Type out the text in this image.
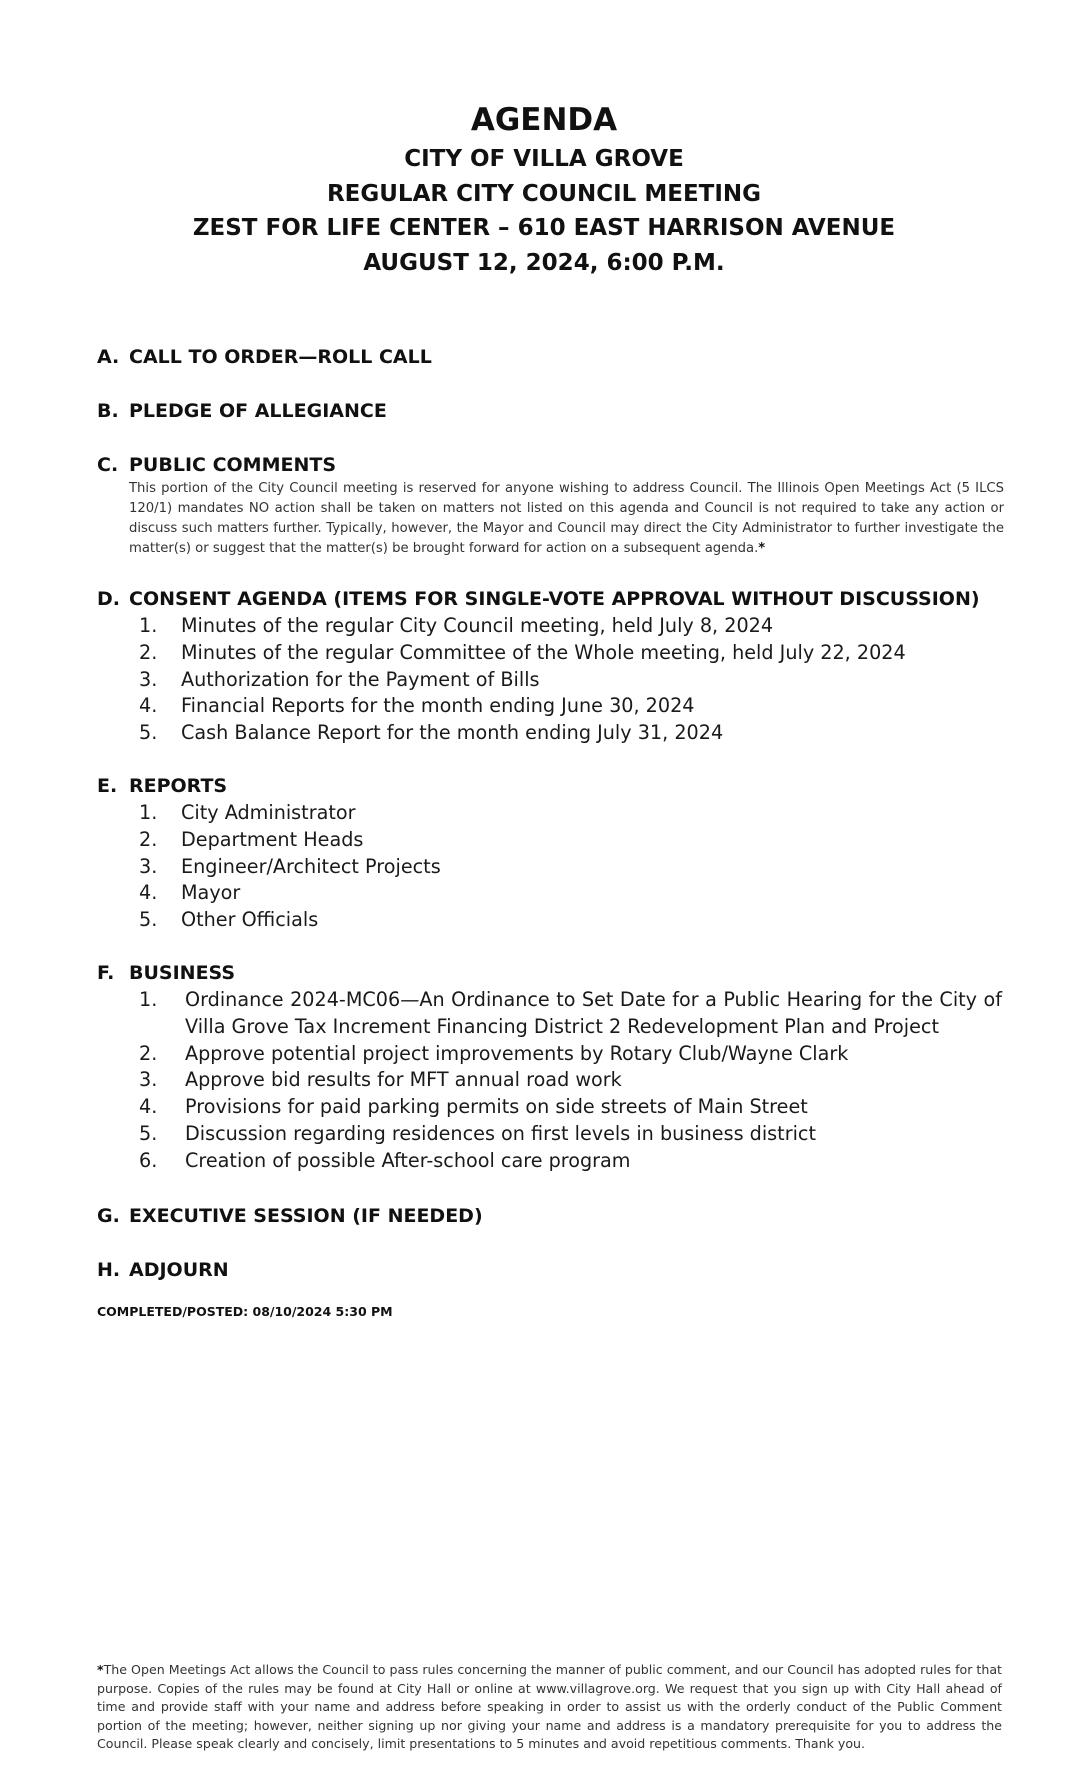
AGENDA
CITY OF VILLA GROVE
REGULAR CITY COUNCIL MEETING
ZEST FOR LIFE CENTER – 610 EAST HARRISON AVENUE
AUGUST 12, 2024, 6:00 P.M.
A. CALL TO ORDER—ROLL CALL
B. PLEDGE OF ALLEGIANCE
C. PUBLIC COMMENTS
This portion of the City Council meeting is reserved for anyone wishing to address Council. The Illinois Open Meetings Act (5 ILCS 120/1) mandates NO action shall be taken on matters not listed on this agenda and Council is not required to take any action or discuss such matters further. Typically, however, the Mayor and Council may direct the City Administrator to further investigate the matter(s) or suggest that the matter(s) be brought forward for action on a subsequent agenda.*
D. CONSENT AGENDA (ITEMS FOR SINGLE-VOTE APPROVAL WITHOUT DISCUSSION)
1.	Minutes of the regular City Council meeting, held July 8, 2024
2.	Minutes of the regular Committee of the Whole meeting, held July 22, 2024
3.	Authorization for the Payment of Bills
4.	Financial Reports for the month ending June 30, 2024
5.	Cash Balance Report for the month ending July 31, 2024
E. REPORTS
1.	City Administrator
2.	Department Heads
3.	Engineer/Architect Projects
4.	Mayor
5.	Other Officials
F. BUSINESS
1.	Ordinance 2024-MC06—An Ordinance to Set Date for a Public Hearing for the City of Villa Grove Tax Increment Financing District 2 Redevelopment Plan and Project
2.	Approve potential project improvements by Rotary Club/Wayne Clark
3.	Approve bid results for MFT annual road work
4.	Provisions for paid parking permits on side streets of Main Street
5.	Discussion regarding residences on first levels in business district
6.	Creation of possible After-school care program
G. EXECUTIVE SESSION (IF NEEDED)
H. ADJOURN
COMPLETED/POSTED: 08/10/2024 5:30 PM
*The Open Meetings Act allows the Council to pass rules concerning the manner of public comment, and our Council has adopted rules for that purpose. Copies of the rules may be found at City Hall or online at www.villagrove.org. We request that you sign up with City Hall ahead of time and provide staff with your name and address before speaking in order to assist us with the orderly conduct of the Public Comment portion of the meeting; however, neither signing up nor giving your name and address is a mandatory prerequisite for you to address the Council. Please speak clearly and concisely, limit presentations to 5 minutes and avoid repetitious comments. Thank you.
